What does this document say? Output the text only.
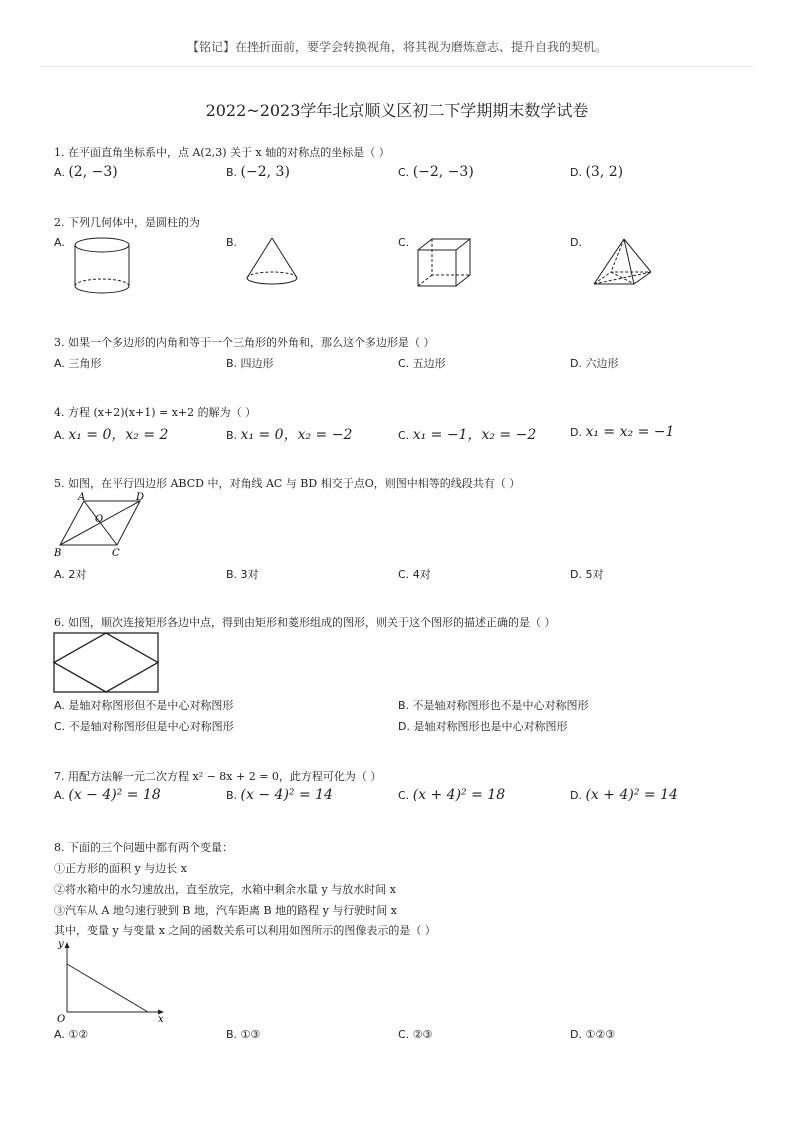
【铭记】在挫折面前，要学会转换视角，将其视为磨炼意志、提升自我的契机。
2022~2023学年北京顺义区初二下学期期末数学试卷
1. 在平面直角坐标系中，点 A(2,3) 关于 x 轴的对称点的坐标是（ ）
A. (2, −3)	B. (−2, 3)	C. (−2, −3)	D. (3, 2)
2. 下列几何体中，是圆柱的为
A.	B.	C.	D.
3. 如果一个多边形的内角和等于一个三角形的外角和，那么这个多边形是（ ）
A. 三角形	B. 四边形	C. 五边形	D. 六边形
4. 方程 (x+2)(x+1) = x+2 的解为（ ）
A. x₁ = 0，x₂ = 2	B. x₁ = 0，x₂ = −2	C. x₁ = −1，x₂ = −2	D. x₁ = x₂ = −1
5. 如图，在平行四边形 ABCD 中，对角线 AC 与 BD 相交于点O，则图中相等的线段共有（ ）
A	D
B	C
O
A. 2对	B. 3对	C. 4对	D. 5对
6. 如图，顺次连接矩形各边中点，得到由矩形和菱形组成的图形，则关于这个图形的描述正确的是（ ）
A. 是轴对称图形但不是中心对称图形	B. 不是轴对称图形也不是中心对称图形
C. 不是轴对称图形但是中心对称图形	D. 是轴对称图形也是中心对称图形
7. 用配方法解一元二次方程 x² − 8x + 2 = 0，此方程可化为（ ）
A. (x − 4)² = 18	B. (x − 4)² = 14	C. (x + 4)² = 18	D. (x + 4)² = 14
8. 下面的三个问题中都有两个变量：
①正方形的面积 y 与边长 x
②将水箱中的水匀速放出，直至放完，水箱中剩余水量 y 与放水时间 x
③汽车从 A 地匀速行驶到 B 地，汽车距离 B 地的路程 y 与行驶时间 x
其中，变量 y 与变量 x 之间的函数关系可以利用如图所示的图像表示的是（ ）
y
x
O
A. ①②	B. ①③	C. ②③	D. ①②③
